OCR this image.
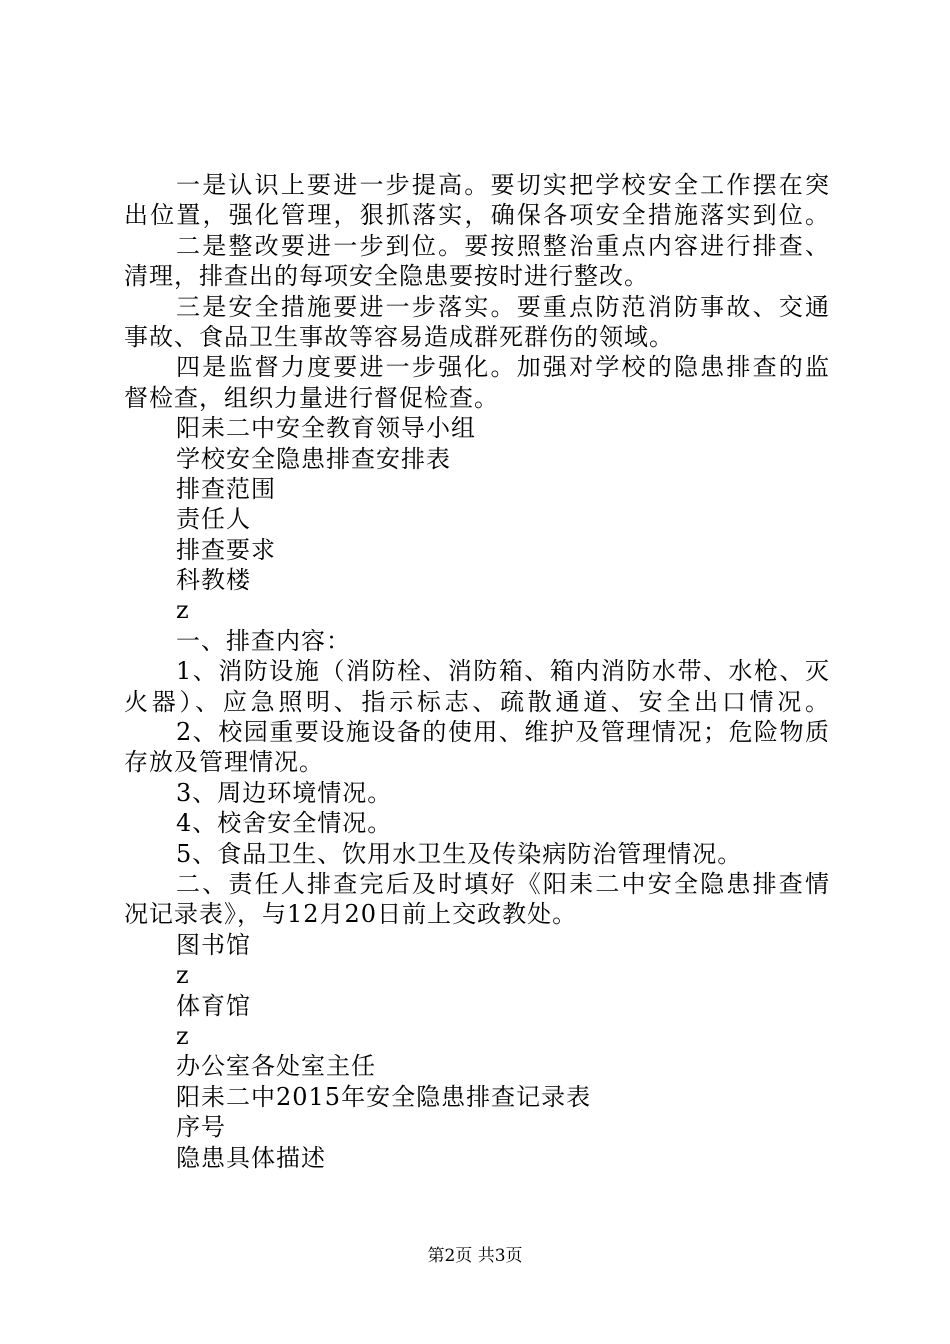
一是认识上要进一步提高。要切实把学校安全工作摆在突
出位置，强化管理，狠抓落实，确保各项安全措施落实到位。
二是整改要进一步到位。要按照整治重点内容进行排查、
清理，排查出的每项安全隐患要按时进行整改。
三是安全措施要进一步落实。要重点防范消防事故、交通
事故、食品卫生事故等容易造成群死群伤的领域。
四是监督力度要进一步强化。加强对学校的隐患排查的监
督检查，组织力量进行督促检查。
阳耒二中安全教育领导小组
学校安全隐患排查安排表
排查范围
责任人
排查要求
科教楼
z
一、排查内容：
1、消防设施（消防栓、消防箱、箱内消防水带、水枪、灭
火器）、应急照明、指示标志、疏散通道、安全出口情况。
2、校园重要设施设备的使用、维护及管理情况；危险物质
存放及管理情况。
3、周边环境情况。
4、校舍安全情况。
5、食品卫生、饮用水卫生及传染病防治管理情况。
二、责任人排查完后及时填好《阳耒二中安全隐患排查情
况记录表》，与12月20日前上交政教处。
图书馆
z
体育馆
z
办公室各处室主任
阳耒二中2015年安全隐患排查记录表
序号
隐患具体描述
第2页 共3页
